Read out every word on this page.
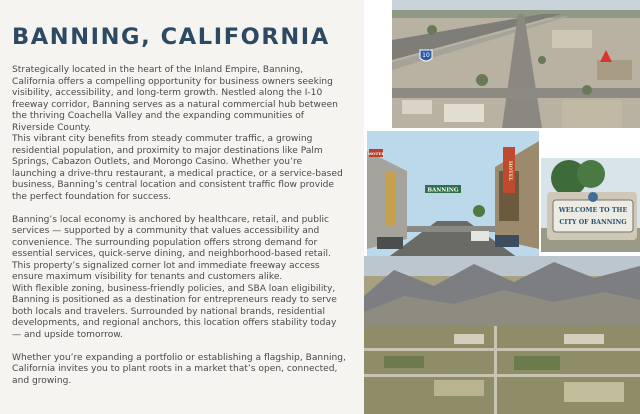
BANNING, CALIFORNIA

Strategically located in the heart of the Inland Empire, Banning, California offers a compelling opportunity for business owners seeking visibility, accessibility, and long-term growth. Nestled along the I-10 freeway corridor, Banning serves as a natural commercial hub between the thriving Coachella Valley and the expanding communities of Riverside County.

This vibrant city benefits from steady commuter traffic, a growing residential population, and proximity to major destinations like Palm Springs, Cabazon Outlets, and Morongo Casino. Whether you’re launching a drive-thru restaurant, a medical practice, or a service-based business, Banning’s central location and consistent traffic flow provide the perfect foundation for success.

Banning’s local economy is anchored by healthcare, retail, and public services — supported by a community that values accessibility and convenience. The surrounding population offers strong demand for essential services, quick-serve dining, and neighborhood-based retail. This property’s signalized corner lot and immediate freeway access ensure maximum visibility for tenants and customers alike.

With flexible zoning, business-friendly policies, and SBA loan eligibility, Banning is positioned as a destination for entrepreneurs ready to serve both locals and travelers. Surrounded by national brands, residential developments, and regional anchors, this location offers stability today — and upside tomorrow.

Whether you’re expanding a portfolio or establishing a flagship, Banning, California invites you to plant roots in a market that’s open, connected, and growing.

10
BANNING
HOTEL
MOTEL
WELCOME TO THE
CITY OF BANNING
